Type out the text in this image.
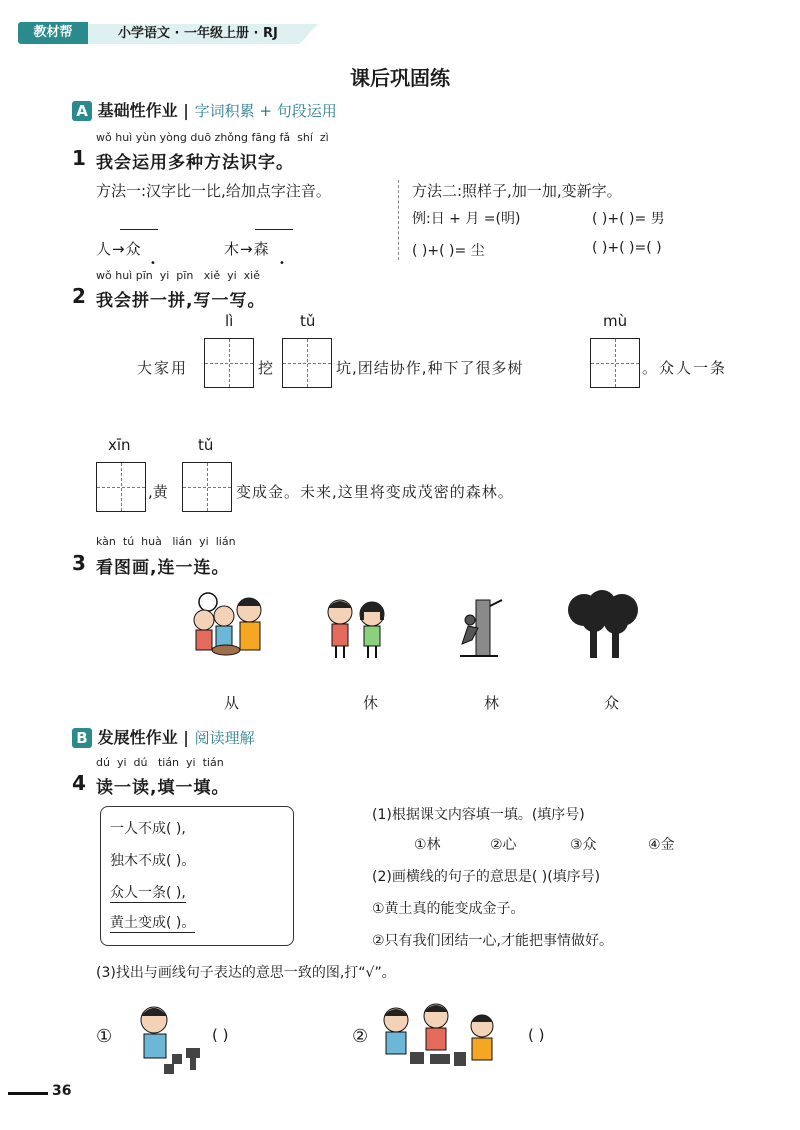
教材帮	小学语文 · 一年级上册 · RJ
课后巩固练
A 基础性作业 | 字词积累 + 句段运用
wǒ huì yùn yòng duō zhǒng fāng fǎ  shí  zì
1 我会运用多种方法识字。
方法一:汉字比一比,给加点字注音。	方法二:照样子,加一加,变新字。
人→众	木→森
•	•
例:日 + 月 =(明)	( )+( )= 男
( )+( )= 尘	( )+( )=( )
wǒ huì pīn  yi  pīn   xiě  yi  xiě
2 我会拼一拼,写一写。
lì	tǔ	mù
大家用	挖	坑,团结协作,种下了很多树	。众人一条
xīn	tǔ
,黄	变成金。未来,这里将变成茂密的森林。
kàn  tú  huà   lián  yi  lián
3 看图画,连一连。
从	休	林	众
B 发展性作业 | 阅读理解
dú  yi  dú   tián  yi  tián
4 读一读,填一填。
一人不成( ),
独木不成( )。
众人一条( ),
黄土变成( )。
(1)根据课文内容填一填。(填序号)
①林	②心	③众	④金
(2)画横线的句子的意思是( )(填序号)
①黄土真的能变成金子。
②只有我们团结一心,才能把事情做好。
(3)找出与画线句子表达的意思一致的图,打“√”。
①	( )	②	( )
36
